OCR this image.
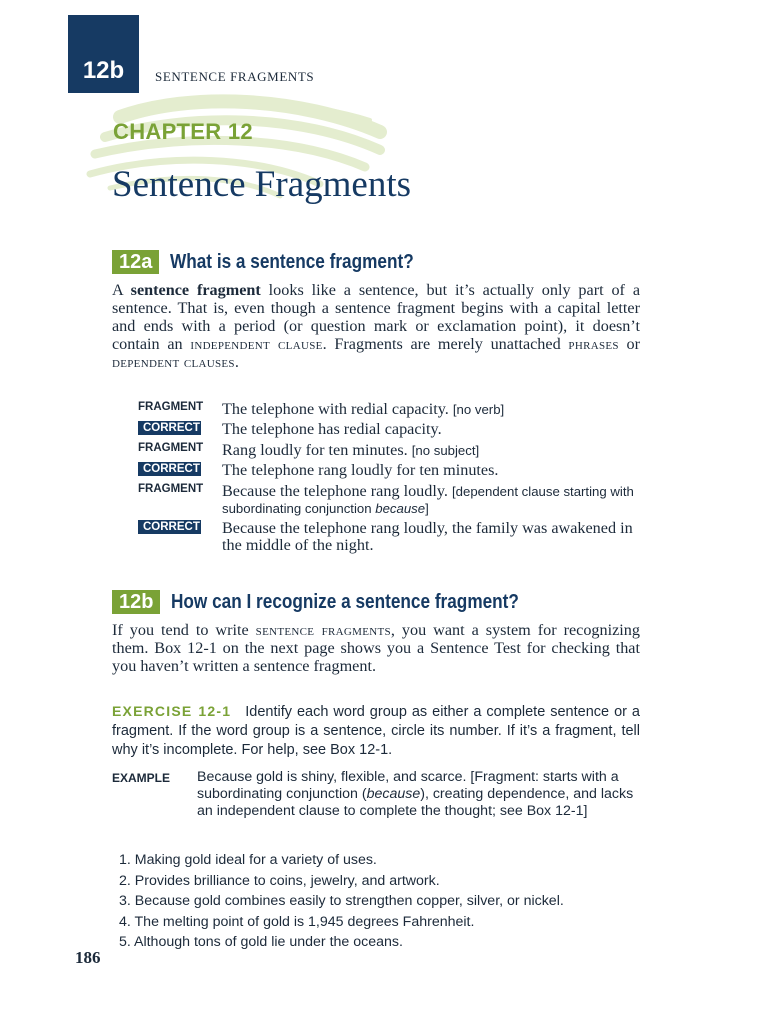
12b	SENTENCE FRAGMENTS
CHAPTER 12
Sentence Fragments
12a What is a sentence fragment?
A sentence fragment looks like a sentence, but it’s actually only part of a sentence. That is, even though a sentence fragment begins with a capital letter and ends with a period (or question mark or exclamation point), it doesn’t contain an independent clause. Fragments are merely unattached phrases or dependent clauses.
FRAGMENT The telephone with redial capacity. [no verb]
CORRECT The telephone has redial capacity.
FRAGMENT Rang loudly for ten minutes. [no subject]
CORRECT The telephone rang loudly for ten minutes.
FRAGMENT Because the telephone rang loudly. [dependent clause starting with subordinating conjunction because]
CORRECT Because the telephone rang loudly, the family was awakened in the middle of the night.
12b How can I recognize a sentence fragment?
If you tend to write sentence fragments, you want a system for recognizing them. Box 12-1 on the next page shows you a Sentence Test for checking that you haven’t written a sentence fragment.
EXERCISE 12-1 Identify each word group as either a complete sentence or a fragment. If the word group is a sentence, circle its number. If it’s a fragment, tell why it’s incomplete. For help, see Box 12-1.
EXAMPLE Because gold is shiny, flexible, and scarce. [Fragment: starts with a subordinating conjunction (because), creating dependence, and lacks an independent clause to complete the thought; see Box 12-1]
1. Making gold ideal for a variety of uses.
2. Provides brilliance to coins, jewelry, and artwork.
3. Because gold combines easily to strengthen copper, silver, or nickel.
4. The melting point of gold is 1,945 degrees Fahrenheit.
5. Although tons of gold lie under the oceans.
186
